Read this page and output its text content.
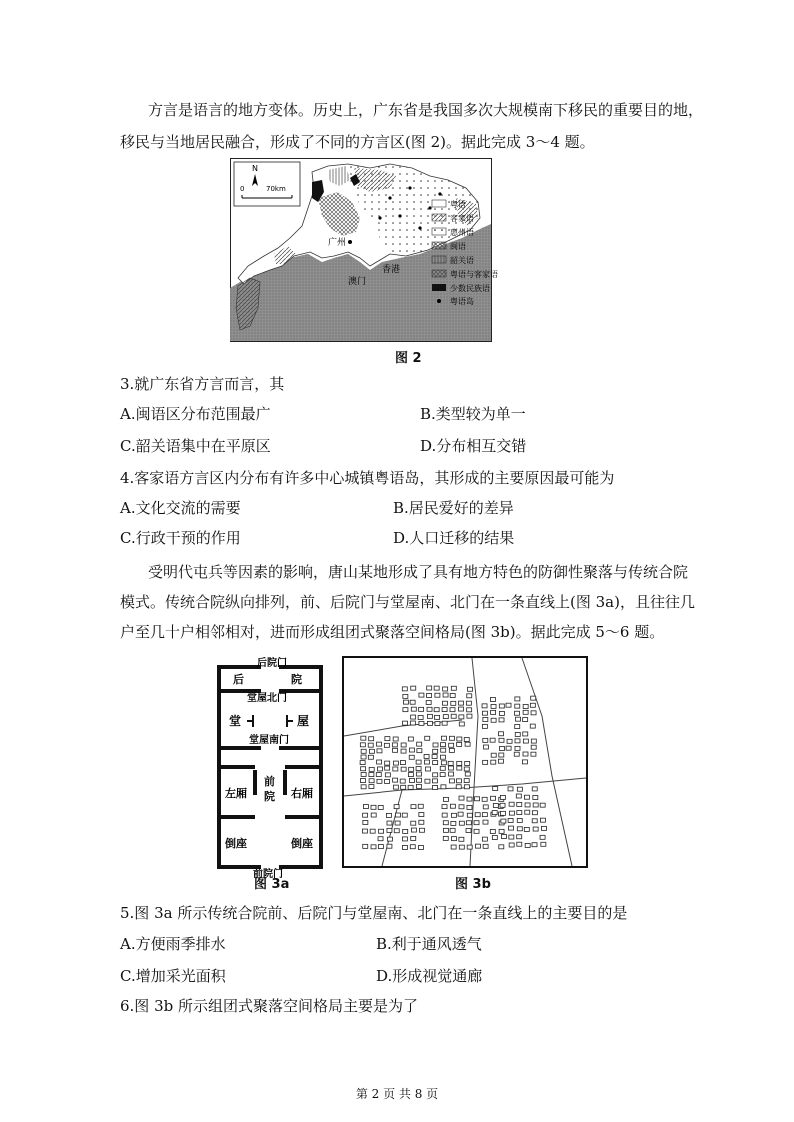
方言是语言的地方变体。历史上，广东省是我国多次大规模南下移民的重要目的地，
移民与当地居民融合，形成了不同的方言区(图 2)。据此完成 3～4 题。
广州
香港
澳门
N
0	70km
粤语
客家语
惠州语
闽语
韶关语
粤语与客家语
少数民族语
粤语岛
图 2
3.就广东省方言而言，其
A.闽语区分布范围最广	B.类型较为单一
C.韶关语集中在平原区	D.分布相互交错
4.客家语方言区内分布有许多中心城镇粤语岛，其形成的主要原因最可能为
A.文化交流的需要	B.居民爱好的差异
C.行政干预的作用	D.人口迁移的结果
受明代屯兵等因素的影响，唐山某地形成了具有地方特色的防御性聚落与传统合院
模式。传统合院纵向排列，前、后院门与堂屋南、北门在一条直线上(图 3a)，且往往几
户至几十户相邻相对，进而形成组团式聚落空间格局(图 3b)。据此完成 5～6 题。
后院门
后	院
堂屋北门
堂	屋
堂屋南门
左厢
前
院 右厢
倒座	倒座
前院门
图 3a	图 3b
5.图 3a 所示传统合院前、后院门与堂屋南、北门在一条直线上的主要目的是
A.方便雨季排水	B.利于通风透气
C.增加采光面积	D.形成视觉通廊
6.图 3b 所示组团式聚落空间格局主要是为了
第 2 页 共 8 页
